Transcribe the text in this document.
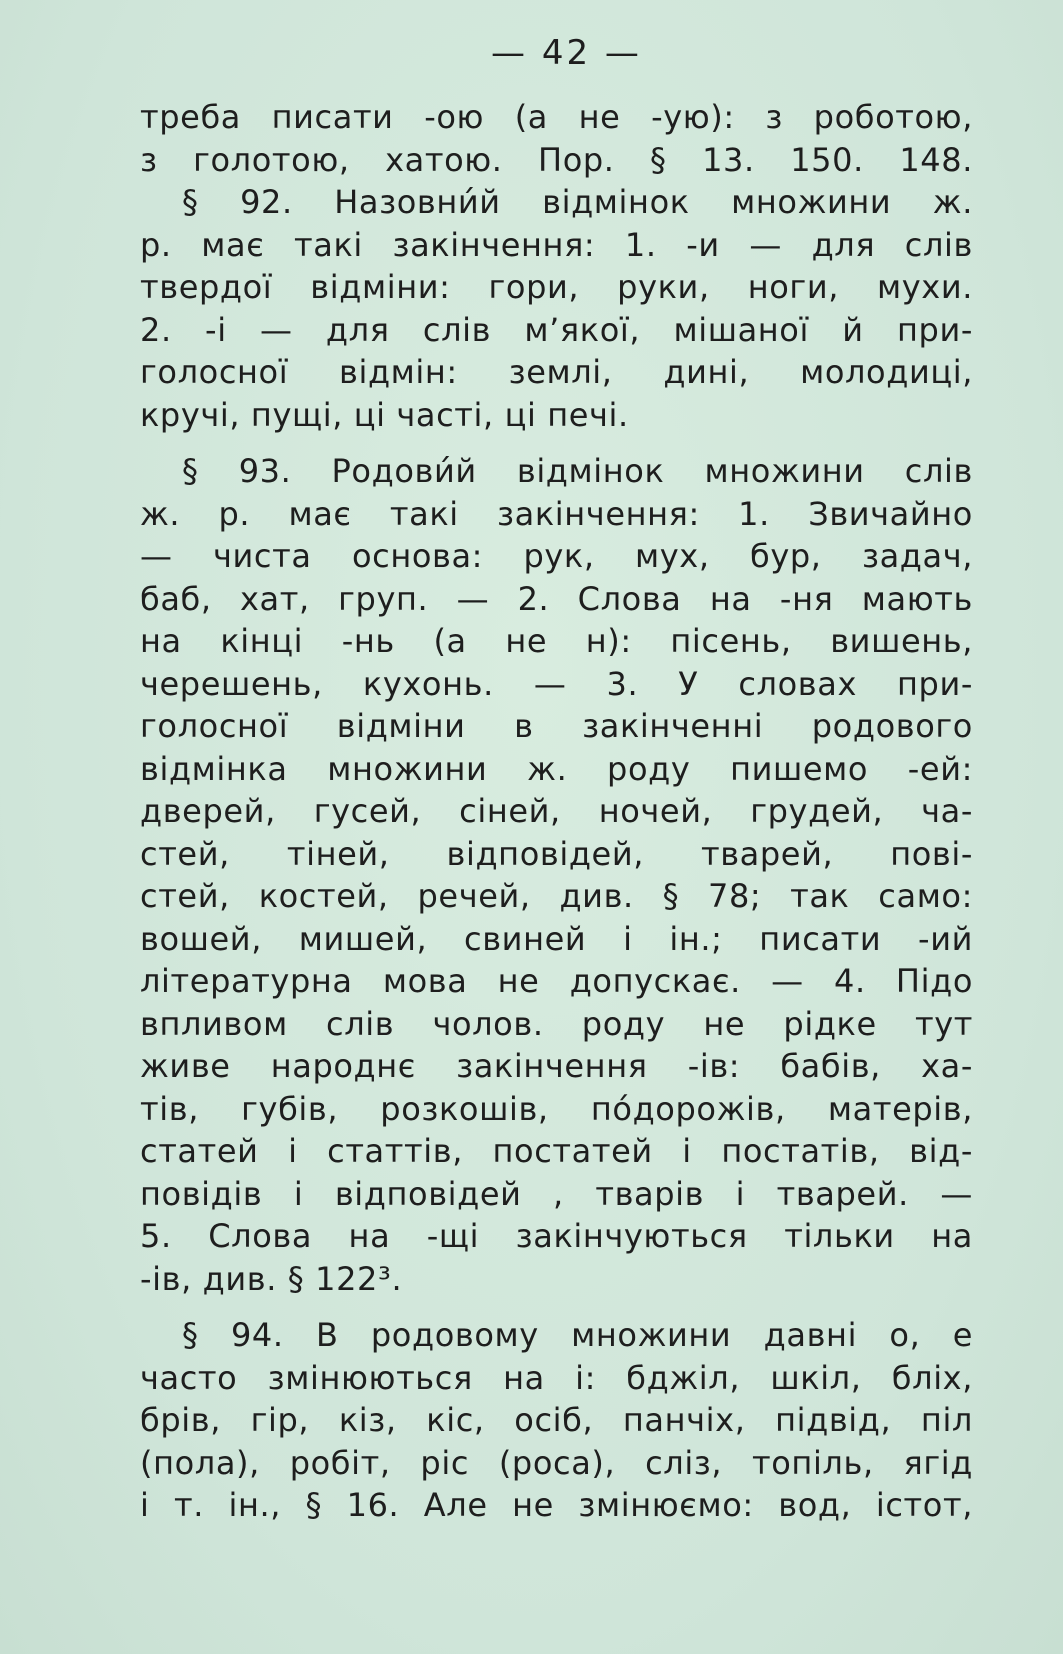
— 42 —
треба писати -ою (а не -ую): з роботою,
з голотою, хатою. Пор. § 13. 150. 148.
§ 92. Назовни́й відмінок множини ж.
р. має такі закінчення: 1. -и — для слів
твердої відміни: гори, руки, ноги, мухи.
2. -і — для слів м’якої, мішаної й при-
голосної відмін: землі, дині, молодиці,
кручі, пущі, ці часті, ці печі.
§ 93. Родови́й відмінок множини слів
ж. р. має такі закінчення: 1. Звичайно
— чиста основа: рук, мух, бур, задач,
баб, хат, груп. — 2. Слова на -ня мають
на кінці -нь (а не н): пісень, вишень,
черешень, кухонь. — 3. У словах при-
голосної відміни в закінченні родового
відмінка множини ж. роду пишемо -ей:
дверей, гусей, сіней, ночей, грудей, ча-
стей, тіней, відповідей, тварей, пові-
стей, костей, речей, див. § 78; так само:
вошей, мишей, свиней і ін.; писати -ий
літературна мова не допускає. — 4. Підо
впливом слів чолов. роду не рідке тут
живе народнє закінчення -ів: бабів, ха-
тів, губів, розкошів, пóдорожів, матерів,
статей і статтів, постатей і постатів, від-
повідів і відповідей , тварів і тварей. —
5. Слова на -щі закінчуються тільки на
-ів, див. § 122³.
§ 94. В родовому множини давні о, е
часто змінюються на і: бджіл, шкіл, бліх,
брів, гір, кіз, кіс, осіб, панчіх, підвід, піл
(пола), робіт, ріс (роса), сліз, топіль, ягід
і т. ін., § 16. Але не змінюємо: вод, істот,
